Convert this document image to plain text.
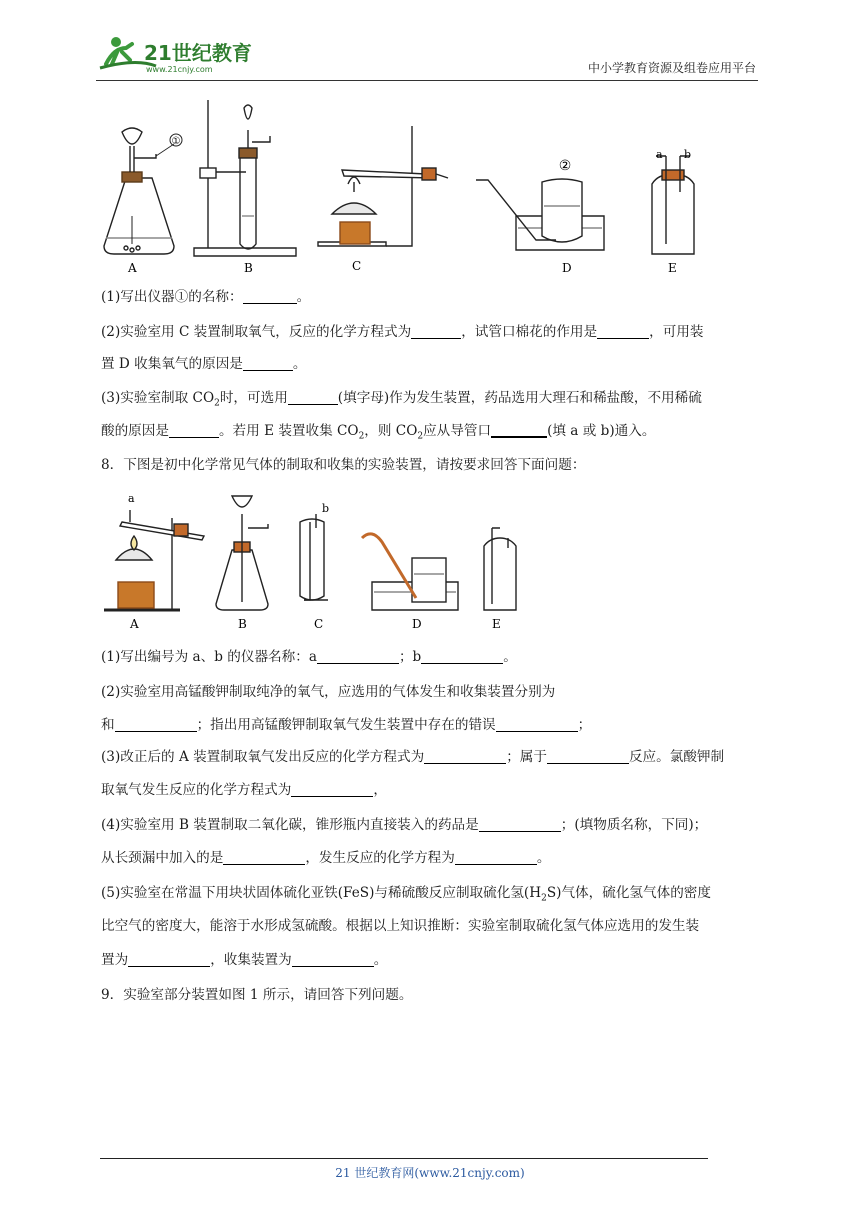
21世纪教育
www.21cnjy.com	中小学教育资源及组卷应用平台
①
②
a b
A	B	C	D	E
(1)写出仪器①的名称：	。
(2)实验室用 C 装置制取氧气，反应的化学方程式为	，试管口棉花的作用是	，可用装
置 D 收集氧气的原因是	。
(3)实验室制取 $CO_2$时，可选用	(填字母)作为发生装置，药品选用大理石和稀盐酸，不用稀硫
酸的原因是	。若用 E 装置收集 $CO_2$，则 $CO_2$应从导管口	(填 a 或 b)通入。
8．下图是初中化学常见气体的制取和收集的实验装置，请按要求回答下面问题：
a
b
A	B	C	D	E
(1)写出编号为 a、b 的仪器名称：a	；b	。
(2)实验室用高锰酸钾制取纯净的氧气，应选用的气体发生和收集装置分别为
和	；指出用高锰酸钾制取氧气发生装置中存在的错误	；
(3)改正后的 A 装置制取氧气发出反应的化学方程式为	；属于	反应。氯酸钾制
取氧气发生反应的化学方程式为	，
(4)实验室用 B 装置制取二氧化碳，锥形瓶内直接装入的药品是	；(填物质名称，下同)；
从长颈漏中加入的是	，发生反应的化学方程为	。
(5)实验室在常温下用块状固体硫化亚铁(FeS)与稀硫酸反应制取硫化氢$(H_2S)$气体，硫化氢气体的密度
比空气的密度大，能溶于水形成氢硫酸。根据以上知识推断：实验室制取硫化氢气体应选用的发生装
置为	，收集装置为	。
9．实验室部分装置如图 1 所示，请回答下列问题。
21 世纪教育网(www.21cnjy.com)
